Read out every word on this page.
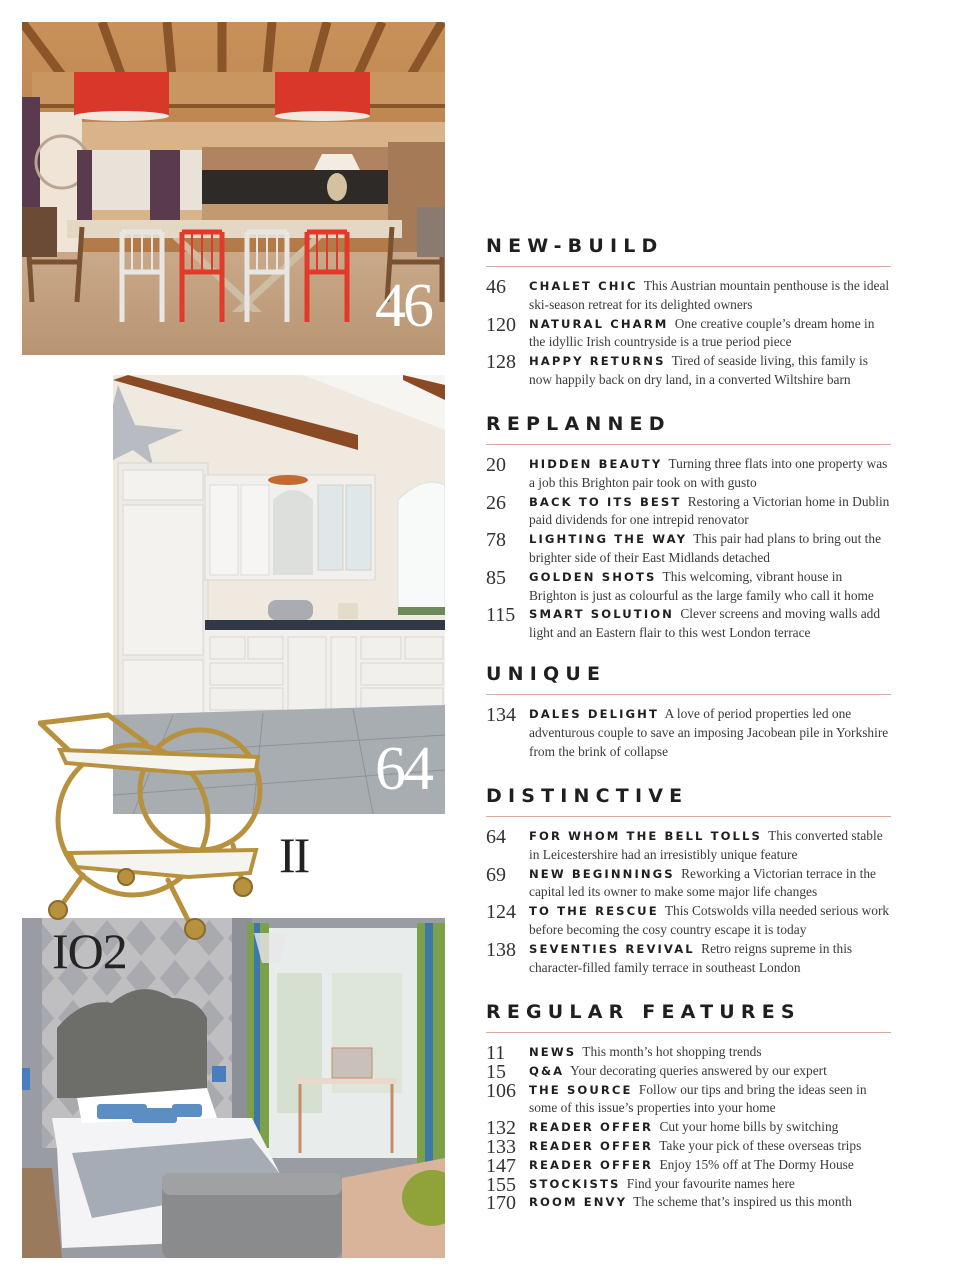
46
64
II
IO2
NEW-BUILD
46	CHALET CHIC This Austrian mountain penthouse is the ideal ski-season retreat for its delighted owners
120	NATURAL CHARM One creative couple’s dream home in the idyllic Irish countryside is a true period piece
128	HAPPY RETURNS Tired of seaside living, this family is now happily back on dry land, in a converted Wiltshire barn
REPLANNED
20	HIDDEN BEAUTY Turning three flats into one property was a job this Brighton pair took on with gusto
26	BACK TO ITS BEST Restoring a Victorian home in Dublin paid dividends for one intrepid renovator
78	LIGHTING THE WAY This pair had plans to bring out the brighter side of their East Midlands detached
85	GOLDEN SHOTS This welcoming, vibrant house in Brighton is just as colourful as the large family who call it home
115	SMART SOLUTION Clever screens and moving walls add light and an Eastern flair to this west London terrace
UNIQUE
134	DALES DELIGHT A love of period properties led one adventurous couple to save an imposing Jacobean pile in Yorkshire from the brink of collapse
DISTINCTIVE
64	FOR WHOM THE BELL TOLLS This converted stable in Leicestershire had an irresistibly unique feature
69	NEW BEGINNINGS Reworking a Victorian terrace in the capital led its owner to make some major life changes
124	TO THE RESCUE This Cotswolds villa needed serious work before becoming the cosy country escape it is today
138	SEVENTIES REVIVAL Retro reigns supreme in this character-filled family terrace in southeast London
REGULAR FEATURES
11	NEWS This month’s hot shopping trends
15	Q&A Your decorating queries answered by our expert
106	THE SOURCE Follow our tips and bring the ideas seen in some of this issue’s properties into your home
132	READER OFFER Cut your home bills by switching
133	READER OFFER Take your pick of these overseas trips
147	READER OFFER Enjoy 15% off at The Dormy House
155	STOCKISTS Find your favourite names here
170	ROOM ENVY The scheme that’s inspired us this month
